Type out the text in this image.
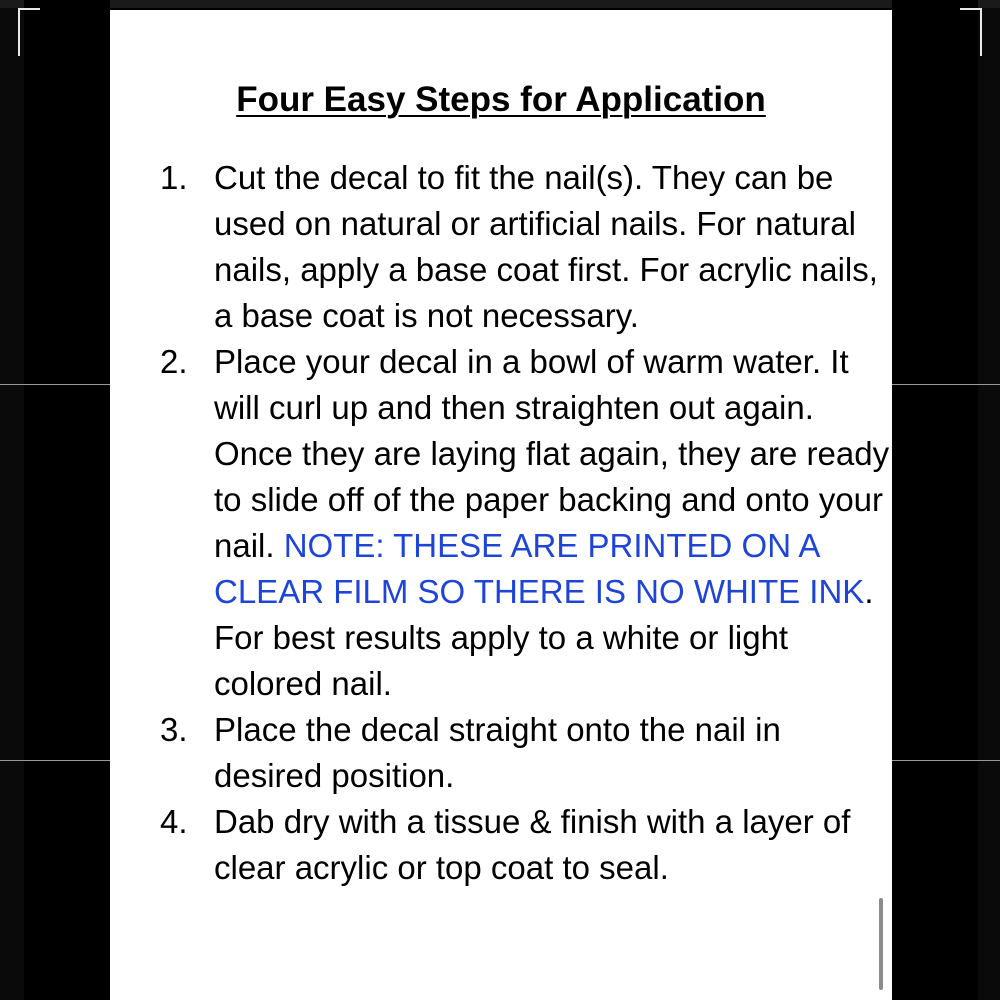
Four Easy Steps for Application
1. Cut the decal to fit the nail(s). They can be used on natural or artificial nails. For natural nails, apply a base coat first. For acrylic nails, a base coat is not necessary.
2. Place your decal in a bowl of warm water. It will curl up and then straighten out again. Once they are laying flat again, they are ready to slide off of the paper backing and onto your nail. NOTE: THESE ARE PRINTED ON A CLEAR FILM SO THERE IS NO WHITE INK. For best results apply to a white or light colored nail.
3. Place the decal straight onto the nail in desired position.
4. Dab dry with a tissue & finish with a layer of clear acrylic or top coat to seal.
